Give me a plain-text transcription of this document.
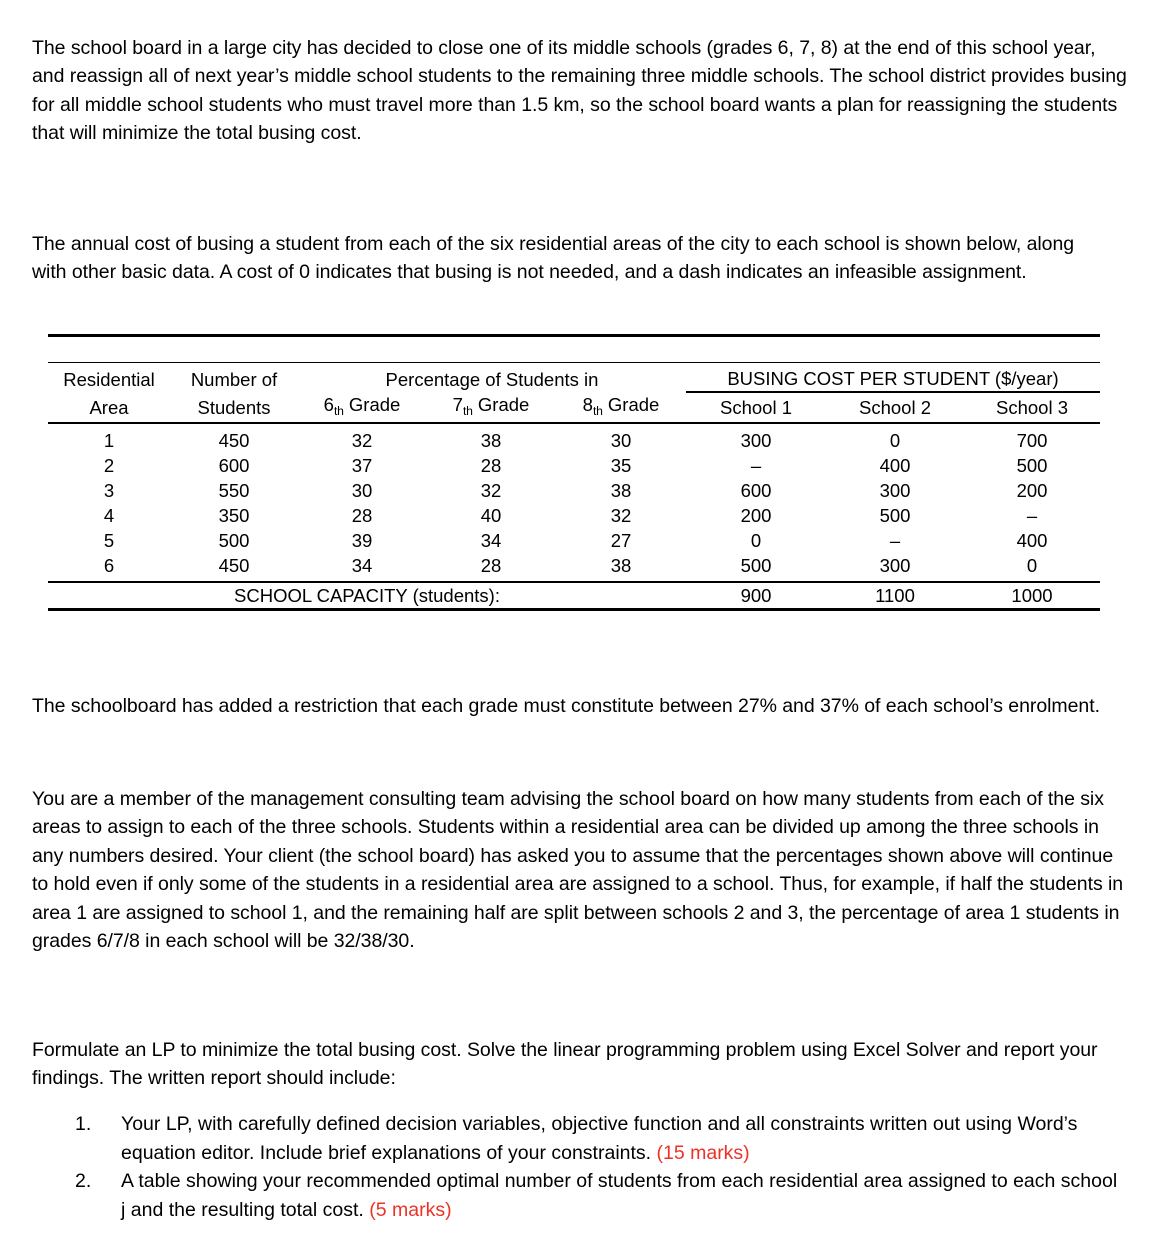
The school board in a large city has decided to close one of its middle schools (grades 6, 7, 8) at the end of this school year, and reassign all of next year’s middle school students to the remaining three middle schools. The school district provides busing for all middle school students who must travel more than 1.5 km, so the school board wants a plan for reassigning the students that will minimize the total busing cost.

The annual cost of busing a student from each of the six residential areas of the city to each school is shown below, along with other basic data. A cost of 0 indicates that busing is not needed, and a dash indicates an infeasible assignment.

Residential	Number of	Percentage of Students in			BUSING COST PER STUDENT ($/year)		
Area	Students	$6_{th}$ Grade	$7_{th}$ Grade	$8_{th}$ Grade	School 1	School 2	School 3
1	450	32	38	30	300	0	700
2	600	37	28	35	–	400	500
3	550	30	32	38	600	300	200
4	350	28	40	32	200	500	–
5	500	39	34	27	0	–	400
6	450	34	28	38	500	300	0
SCHOOL CAPACITY (students):					900	1100	1000

The schoolboard has added a restriction that each grade must constitute between 27% and 37% of each school’s enrolment.

You are a member of the management consulting team advising the school board on how many students from each of the six areas to assign to each of the three schools. Students within a residential area can be divided up among the three schools in any numbers desired. Your client (the school board) has asked you to assume that the percentages shown above will continue to hold even if only some of the students in a residential area are assigned to a school. Thus, for example, if half the students in area 1 are assigned to school 1, and the remaining half are split between schools 2 and 3, the percentage of area 1 students in grades 6/7/8 in each school will be 32/38/30.

Formulate an LP to minimize the total busing cost. Solve the linear programming problem using Excel Solver and report your findings. The written report should include:

1.	Your LP, with carefully defined decision variables, objective function and all constraints written out using Word’s equation editor. Include brief explanations of your constraints. (15 marks)
2.	A table showing your recommended optimal number of students from each residential area assigned to each school j and the resulting total cost. (5 marks)
